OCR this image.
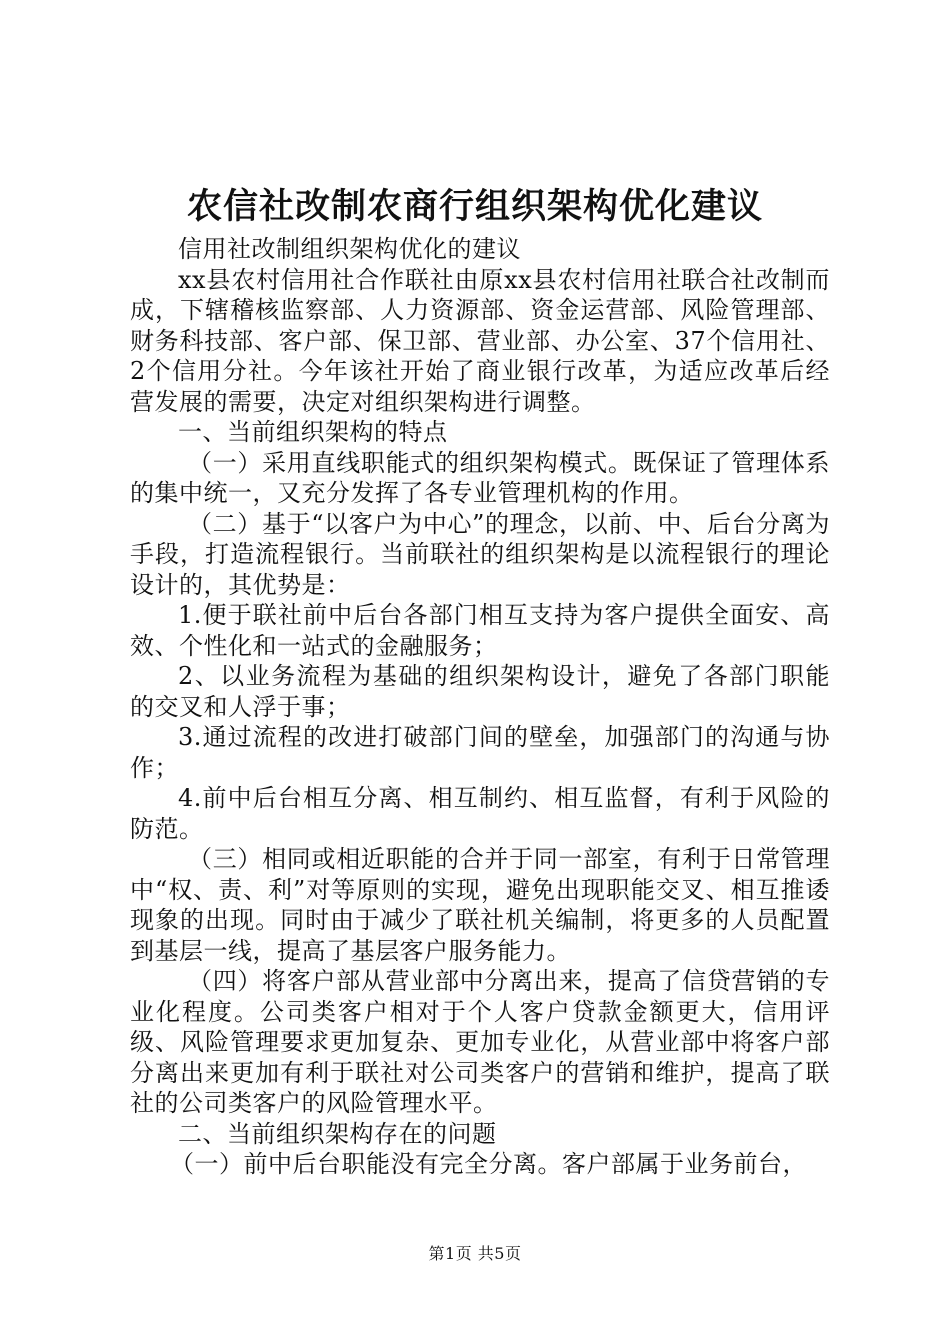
农信社改制农商行组织架构优化建议

信用社改制组织架构优化的建议

xx县农村信用社合作联社由原xx县农村信用社联合社改制而成，下辖稽核监察部、人力资源部、资金运营部、风险管理部、财务科技部、客户部、保卫部、营业部、办公室、37个信用社、2个信用分社。今年该社开始了商业银行改革，为适应改革后经营发展的需要，决定对组织架构进行调整。

一、当前组织架构的特点

（一）采用直线职能式的组织架构模式。既保证了管理体系的集中统一，又充分发挥了各专业管理机构的作用。

（二）基于“以客户为中心”的理念，以前、中、后台分离为手段，打造流程银行。当前联社的组织架构是以流程银行的理论设计的，其优势是：

1.便于联社前中后台各部门相互支持为客户提供全面安、高效、个性化和一站式的金融服务；

2、以业务流程为基础的组织架构设计，避免了各部门职能的交叉和人浮于事；

3.通过流程的改进打破部门间的壁垒，加强部门的沟通与协作；

4.前中后台相互分离、相互制约、相互监督，有利于风险的防范。

（三）相同或相近职能的合并于同一部室，有利于日常管理中“权、责、利”对等原则的实现，避免出现职能交叉、相互推诿现象的出现。同时由于减少了联社机关编制，将更多的人员配置到基层一线，提高了基层客户服务能力。

（四）将客户部从营业部中分离出来，提高了信贷营销的专业化程度。公司类客户相对于个人客户贷款金额更大，信用评级、风险管理要求更加复杂、更加专业化，从营业部中将客户部分离出来更加有利于联社对公司类客户的营销和维护，提高了联社的公司类客户的风险管理水平。

二、当前组织架构存在的问题

（一）前中后台职能没有完全分离。客户部属于业务前台，

第1页 共5页
